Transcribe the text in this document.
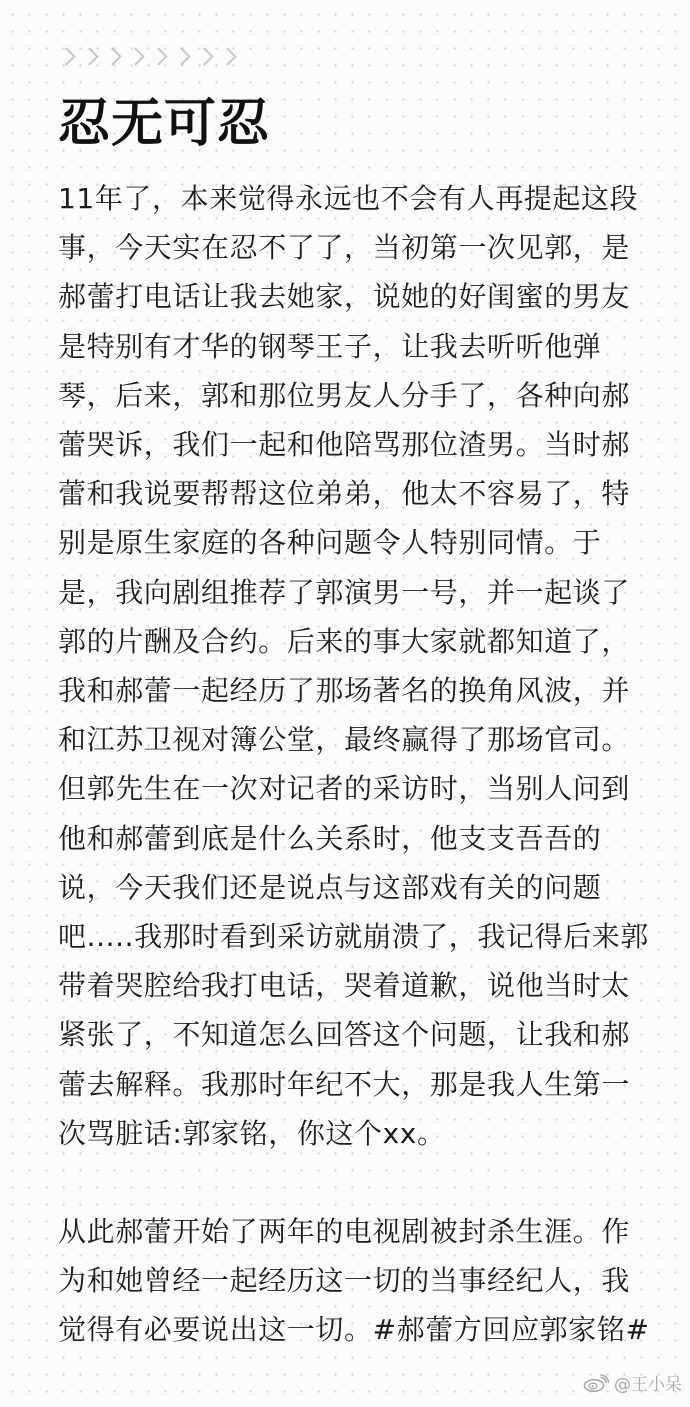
忍无可忍

11年了，本来觉得永远也不会有人再提起这段事，今天实在忍不了了，当初第一次见郭，是郝蕾打电话让我去她家，说她的好闺蜜的男友是特别有才华的钢琴王子，让我去听听他弹琴，后来，郭和那位男友人分手了，各种向郝蕾哭诉，我们一起和他陪骂那位渣男。当时郝蕾和我说要帮帮这位弟弟，他太不容易了，特别是原生家庭的各种问题令人特别同情。于是，我向剧组推荐了郭演男一号，并一起谈了郭的片酬及合约。后来的事大家就都知道了，我和郝蕾一起经历了那场著名的换角风波，并和江苏卫视对簿公堂，最终赢得了那场官司。但郭先生在一次对记者的采访时，当别人问到他和郝蕾到底是什么关系时，他支支吾吾的说，今天我们还是说点与这部戏有关的问题吧.....我那时看到采访就崩溃了，我记得后来郭带着哭腔给我打电话，哭着道歉，说他当时太紧张了，不知道怎么回答这个问题，让我和郝蕾去解释。我那时年纪不大，那是我人生第一次骂脏话:郭家铭，你这个xx。

从此郝蕾开始了两年的电视剧被封杀生涯。作为和她曾经一起经历这一切的当事经纪人，我觉得有必要说出这一切。#郝蕾方回应郭家铭#

@王小呆
